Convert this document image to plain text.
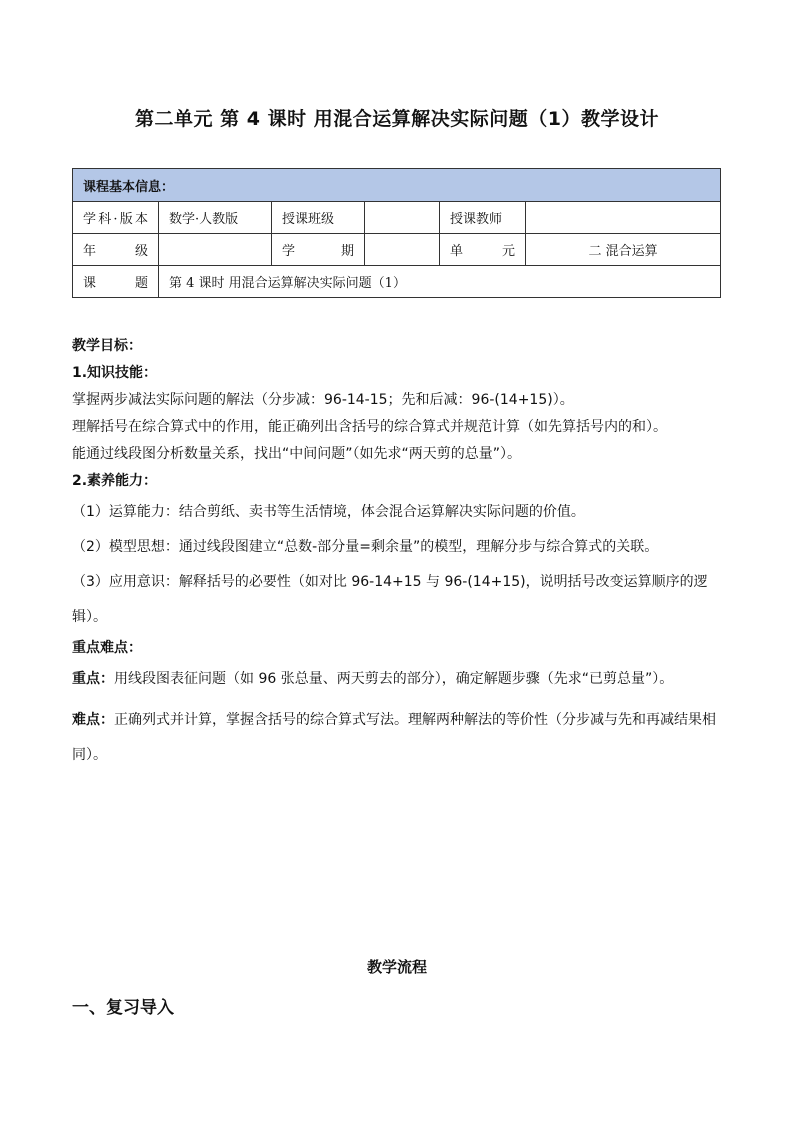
第二单元 第 4 课时 用混合运算解决实际问题（1）教学设计
课程基本信息：					
学科·版本	数学·人教版	授课班级		授课教师	
年　级		学　期		单　元	二 混合运算
课　题	第 4 课时 用混合运算解决实际问题（1）				

教学目标：

1.知识技能：

掌握两步减法实际问题的解法（分步减：96-14-15；先和后减：96-(14+15)）。

理解括号在综合算式中的作用，能正确列出含括号的综合算式并规范计算（如先算括号内的和）。

能通过线段图分析数量关系，找出“中间问题”（如先求“两天剪的总量”）。

2.素养能力：

（1）运算能力：结合剪纸、卖书等生活情境，体会混合运算解决实际问题的价值。

（2）模型思想：通过线段图建立“总数-部分量=剩余量”的模型，理解分步与综合算式的关联。

（3）应用意识：解释括号的必要性（如对比 96-14+15 与 96-(14+15)，说明括号改变运算顺序的逻辑）。

重点难点：

重点：用线段图表征问题（如 96 张总量、两天剪去的部分），确定解题步骤（先求“已剪总量”）。

难点：正确列式并计算，掌握含括号的综合算式写法。理解两种解法的等价性（分步减与先和再减结果相同）。

教学流程
一、复习导入
